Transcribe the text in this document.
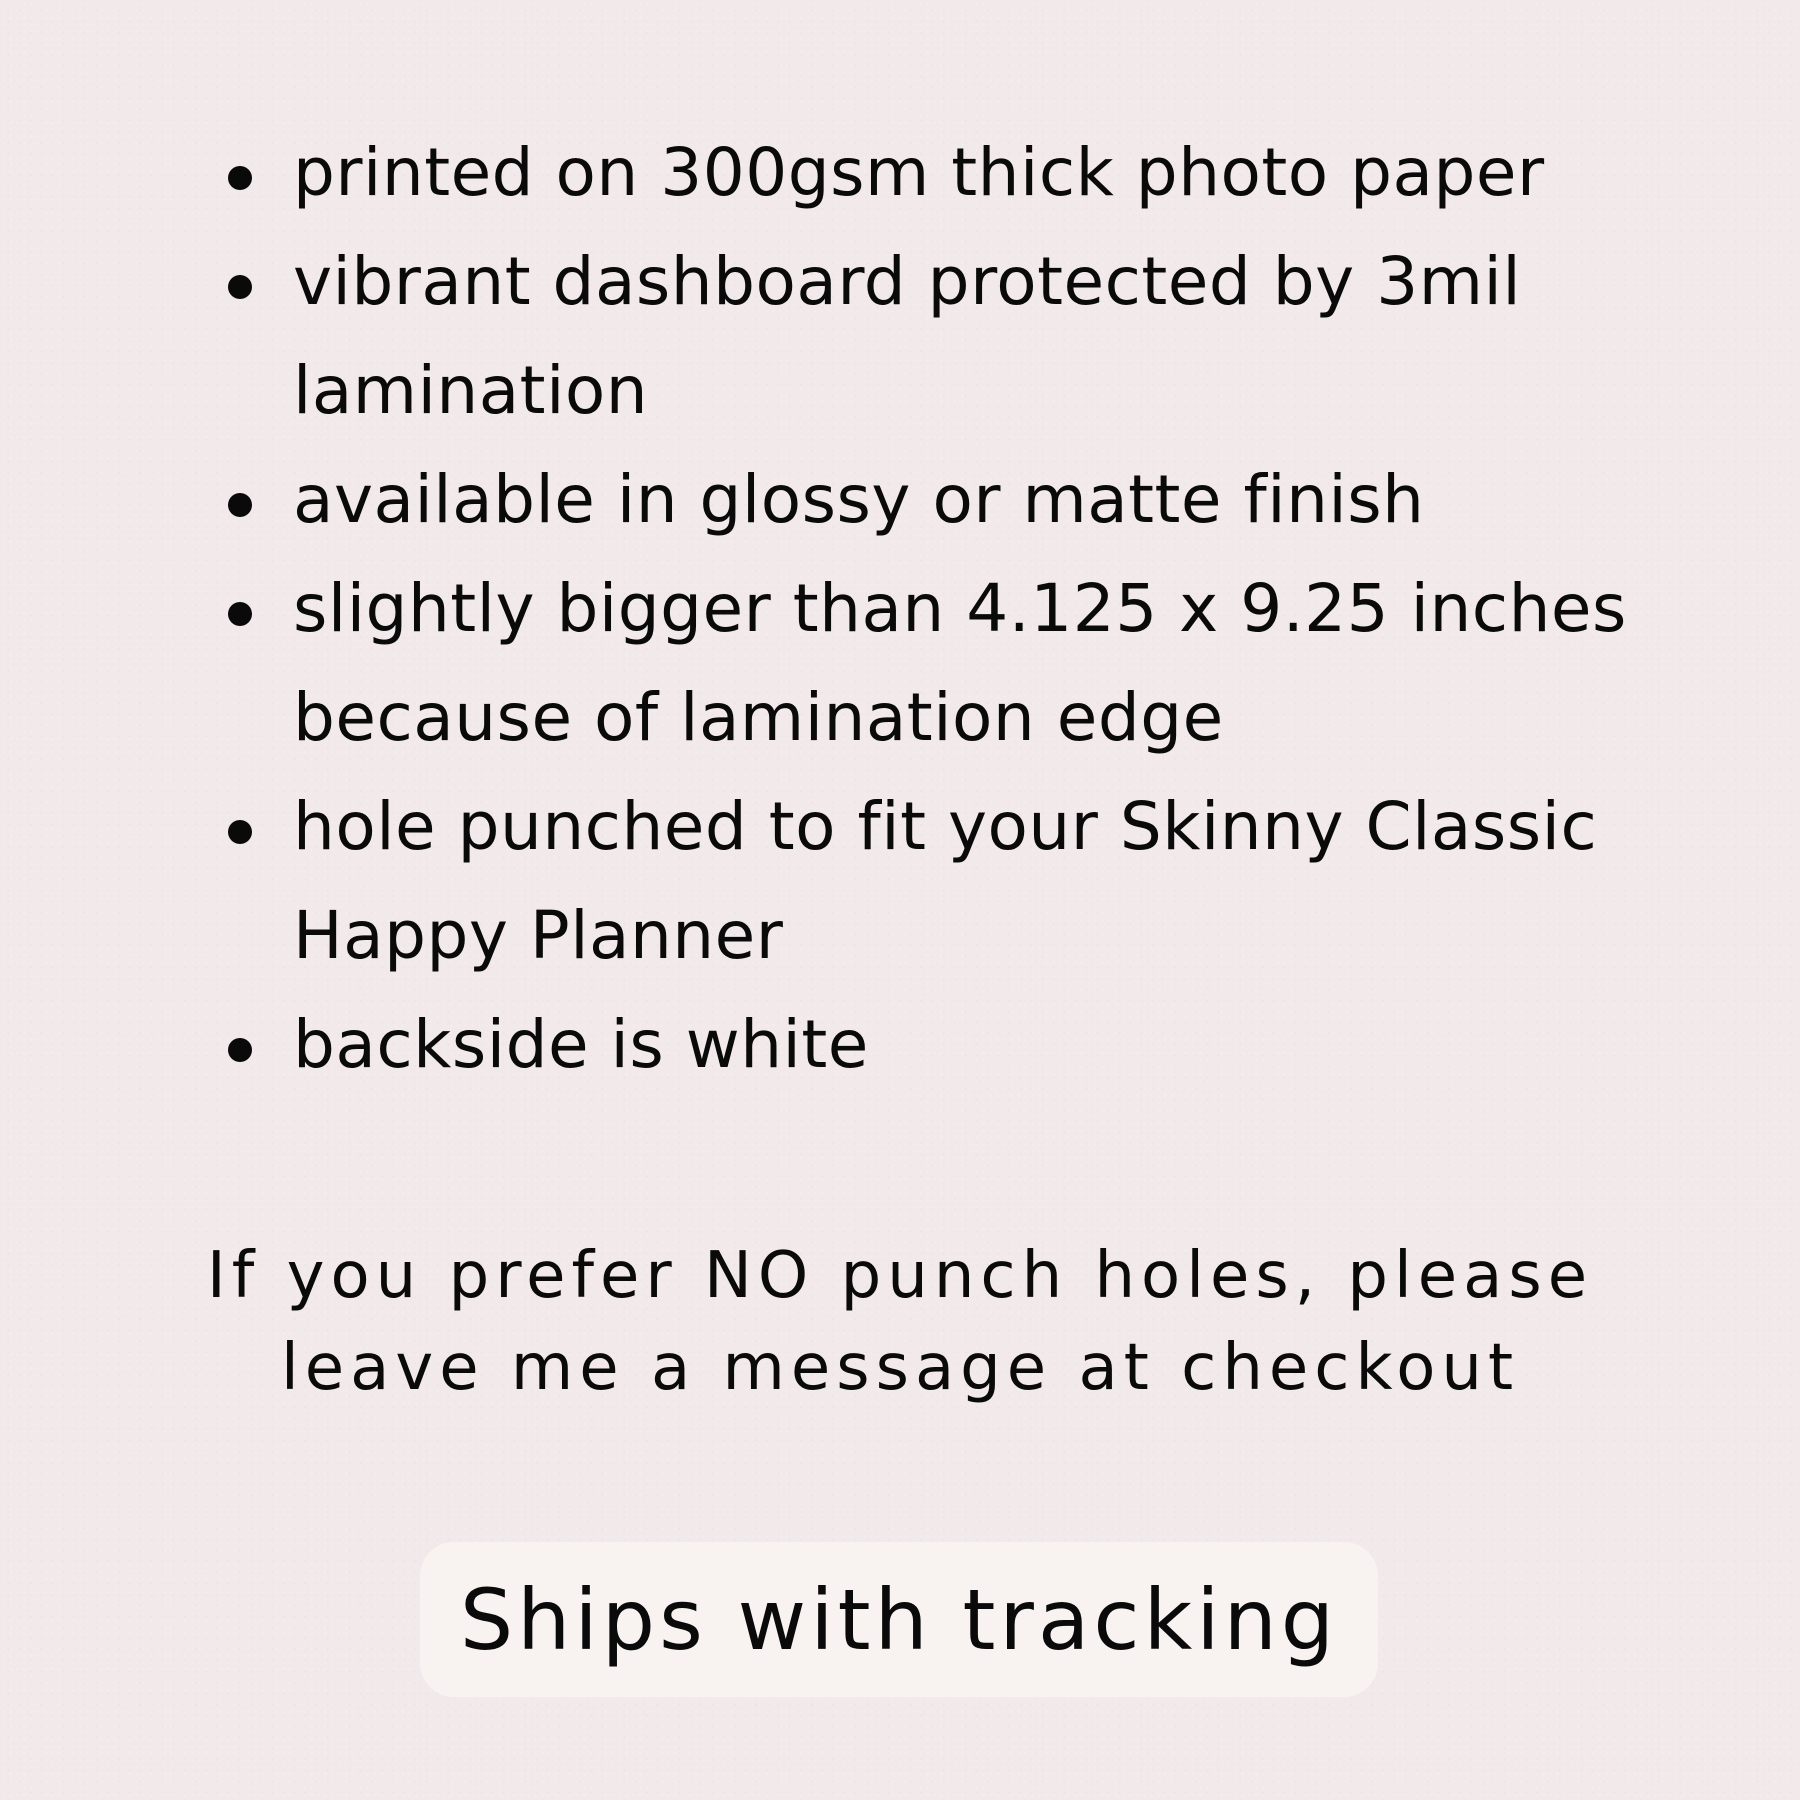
printed on 300gsm thick photo paper
vibrant dashboard protected by 3mil lamination
available in glossy or matte finish
slightly bigger than 4.125 x 9.25 inches because of lamination edge
hole punched to fit your Skinny Classic Happy Planner
backside is white
If you prefer NO punch holes, please
leave me a message at checkout
Ships with tracking
